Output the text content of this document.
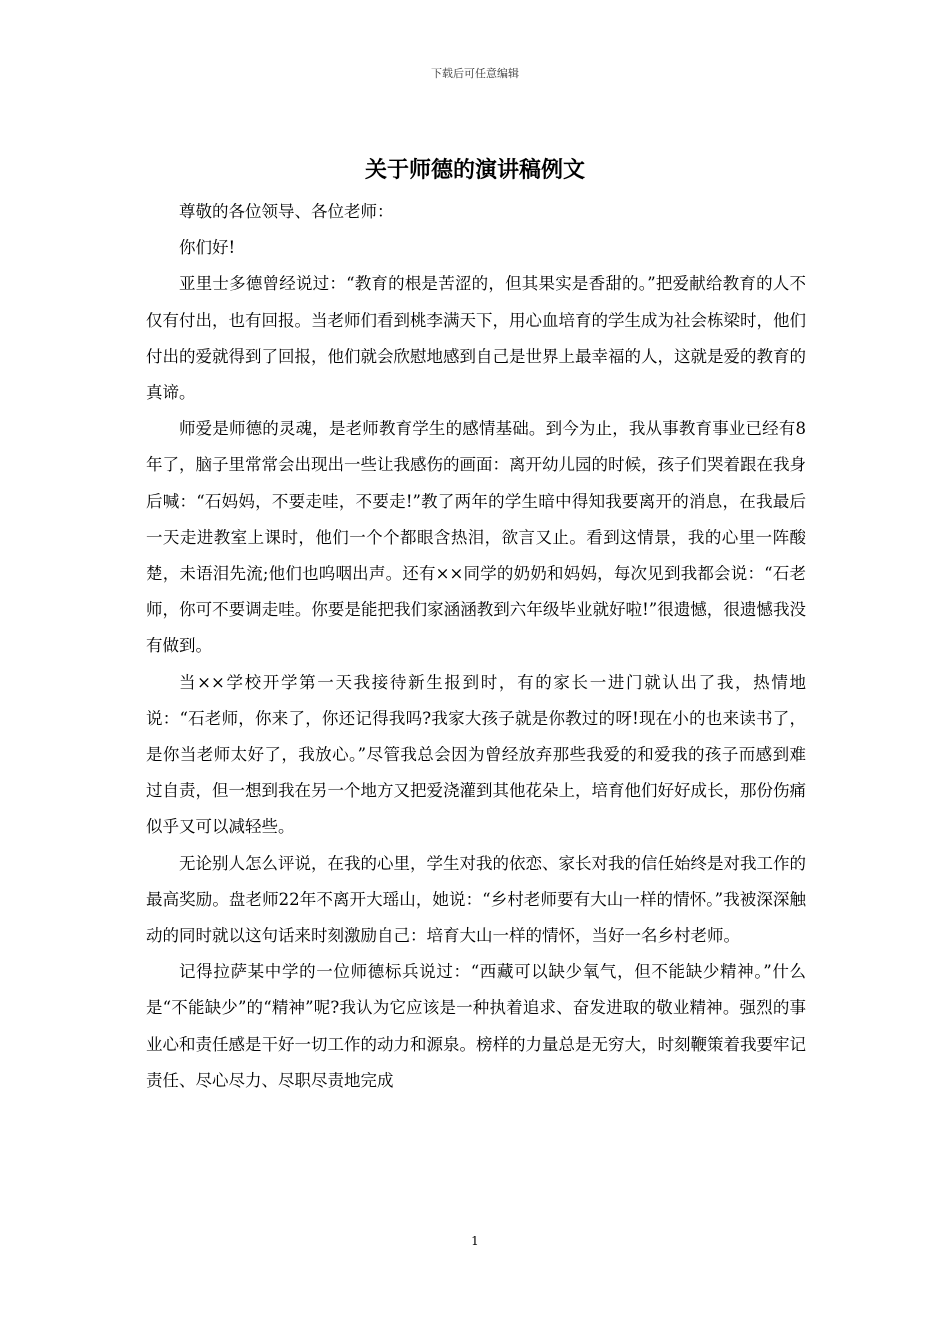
下载后可任意编辑
关于师德的演讲稿例文

尊敬的各位领导、各位老师：

你们好!

亚里士多德曾经说过：“教育的根是苦涩的，但其果实是香甜的。”把爱献给教育的人不仅有付出，也有回报。当老师们看到桃李满天下，用心血培育的学生成为社会栋梁时，他们付出的爱就得到了回报，他们就会欣慰地感到自己是世界上最幸福的人，这就是爱的教育的真谛。

师爱是师德的灵魂，是老师教育学生的感情基础。到今为止，我从事教育事业已经有8年了，脑子里常常会出现出一些让我感伤的画面：离开幼儿园的时候，孩子们哭着跟在我身后喊：“石妈妈，不要走哇，不要走!”教了两年的学生暗中得知我要离开的消息，在我最后一天走进教室上课时，他们一个个都眼含热泪，欲言又止。看到这情景，我的心里一阵酸楚，未语泪先流;他们也呜咽出声。还有××同学的奶奶和妈妈，每次见到我都会说：“石老师，你可不要调走哇。你要是能把我们家涵涵教到六年级毕业就好啦!”很遗憾，很遗憾我没有做到。

当××学校开学第一天我接待新生报到时，有的家长一进门就认出了我，热情地说：“石老师，你来了，你还记得我吗?我家大孩子就是你教过的呀!现在小的也来读书了，是你当老师太好了，我放心。”尽管我总会因为曾经放弃那些我爱的和爱我的孩子而感到难过自责，但一想到我在另一个地方又把爱浇灌到其他花朵上，培育他们好好成长，那份伤痛似乎又可以减轻些。

无论别人怎么评说，在我的心里，学生对我的依恋、家长对我的信任始终是对我工作的最高奖励。盘老师22年不离开大瑶山，她说：“乡村老师要有大山一样的情怀。”我被深深触动的同时就以这句话来时刻激励自己：培育大山一样的情怀，当好一名乡村老师。

记得拉萨某中学的一位师德标兵说过：“西藏可以缺少氧气，但不能缺少精神。”什么是“不能缺少”的“精神”呢?我认为它应该是一种执着追求、奋发进取的敬业精神。强烈的事业心和责任感是干好一切工作的动力和源泉。榜样的力量总是无穷大，时刻鞭策着我要牢记责任、尽心尽力、尽职尽责地完成

1
